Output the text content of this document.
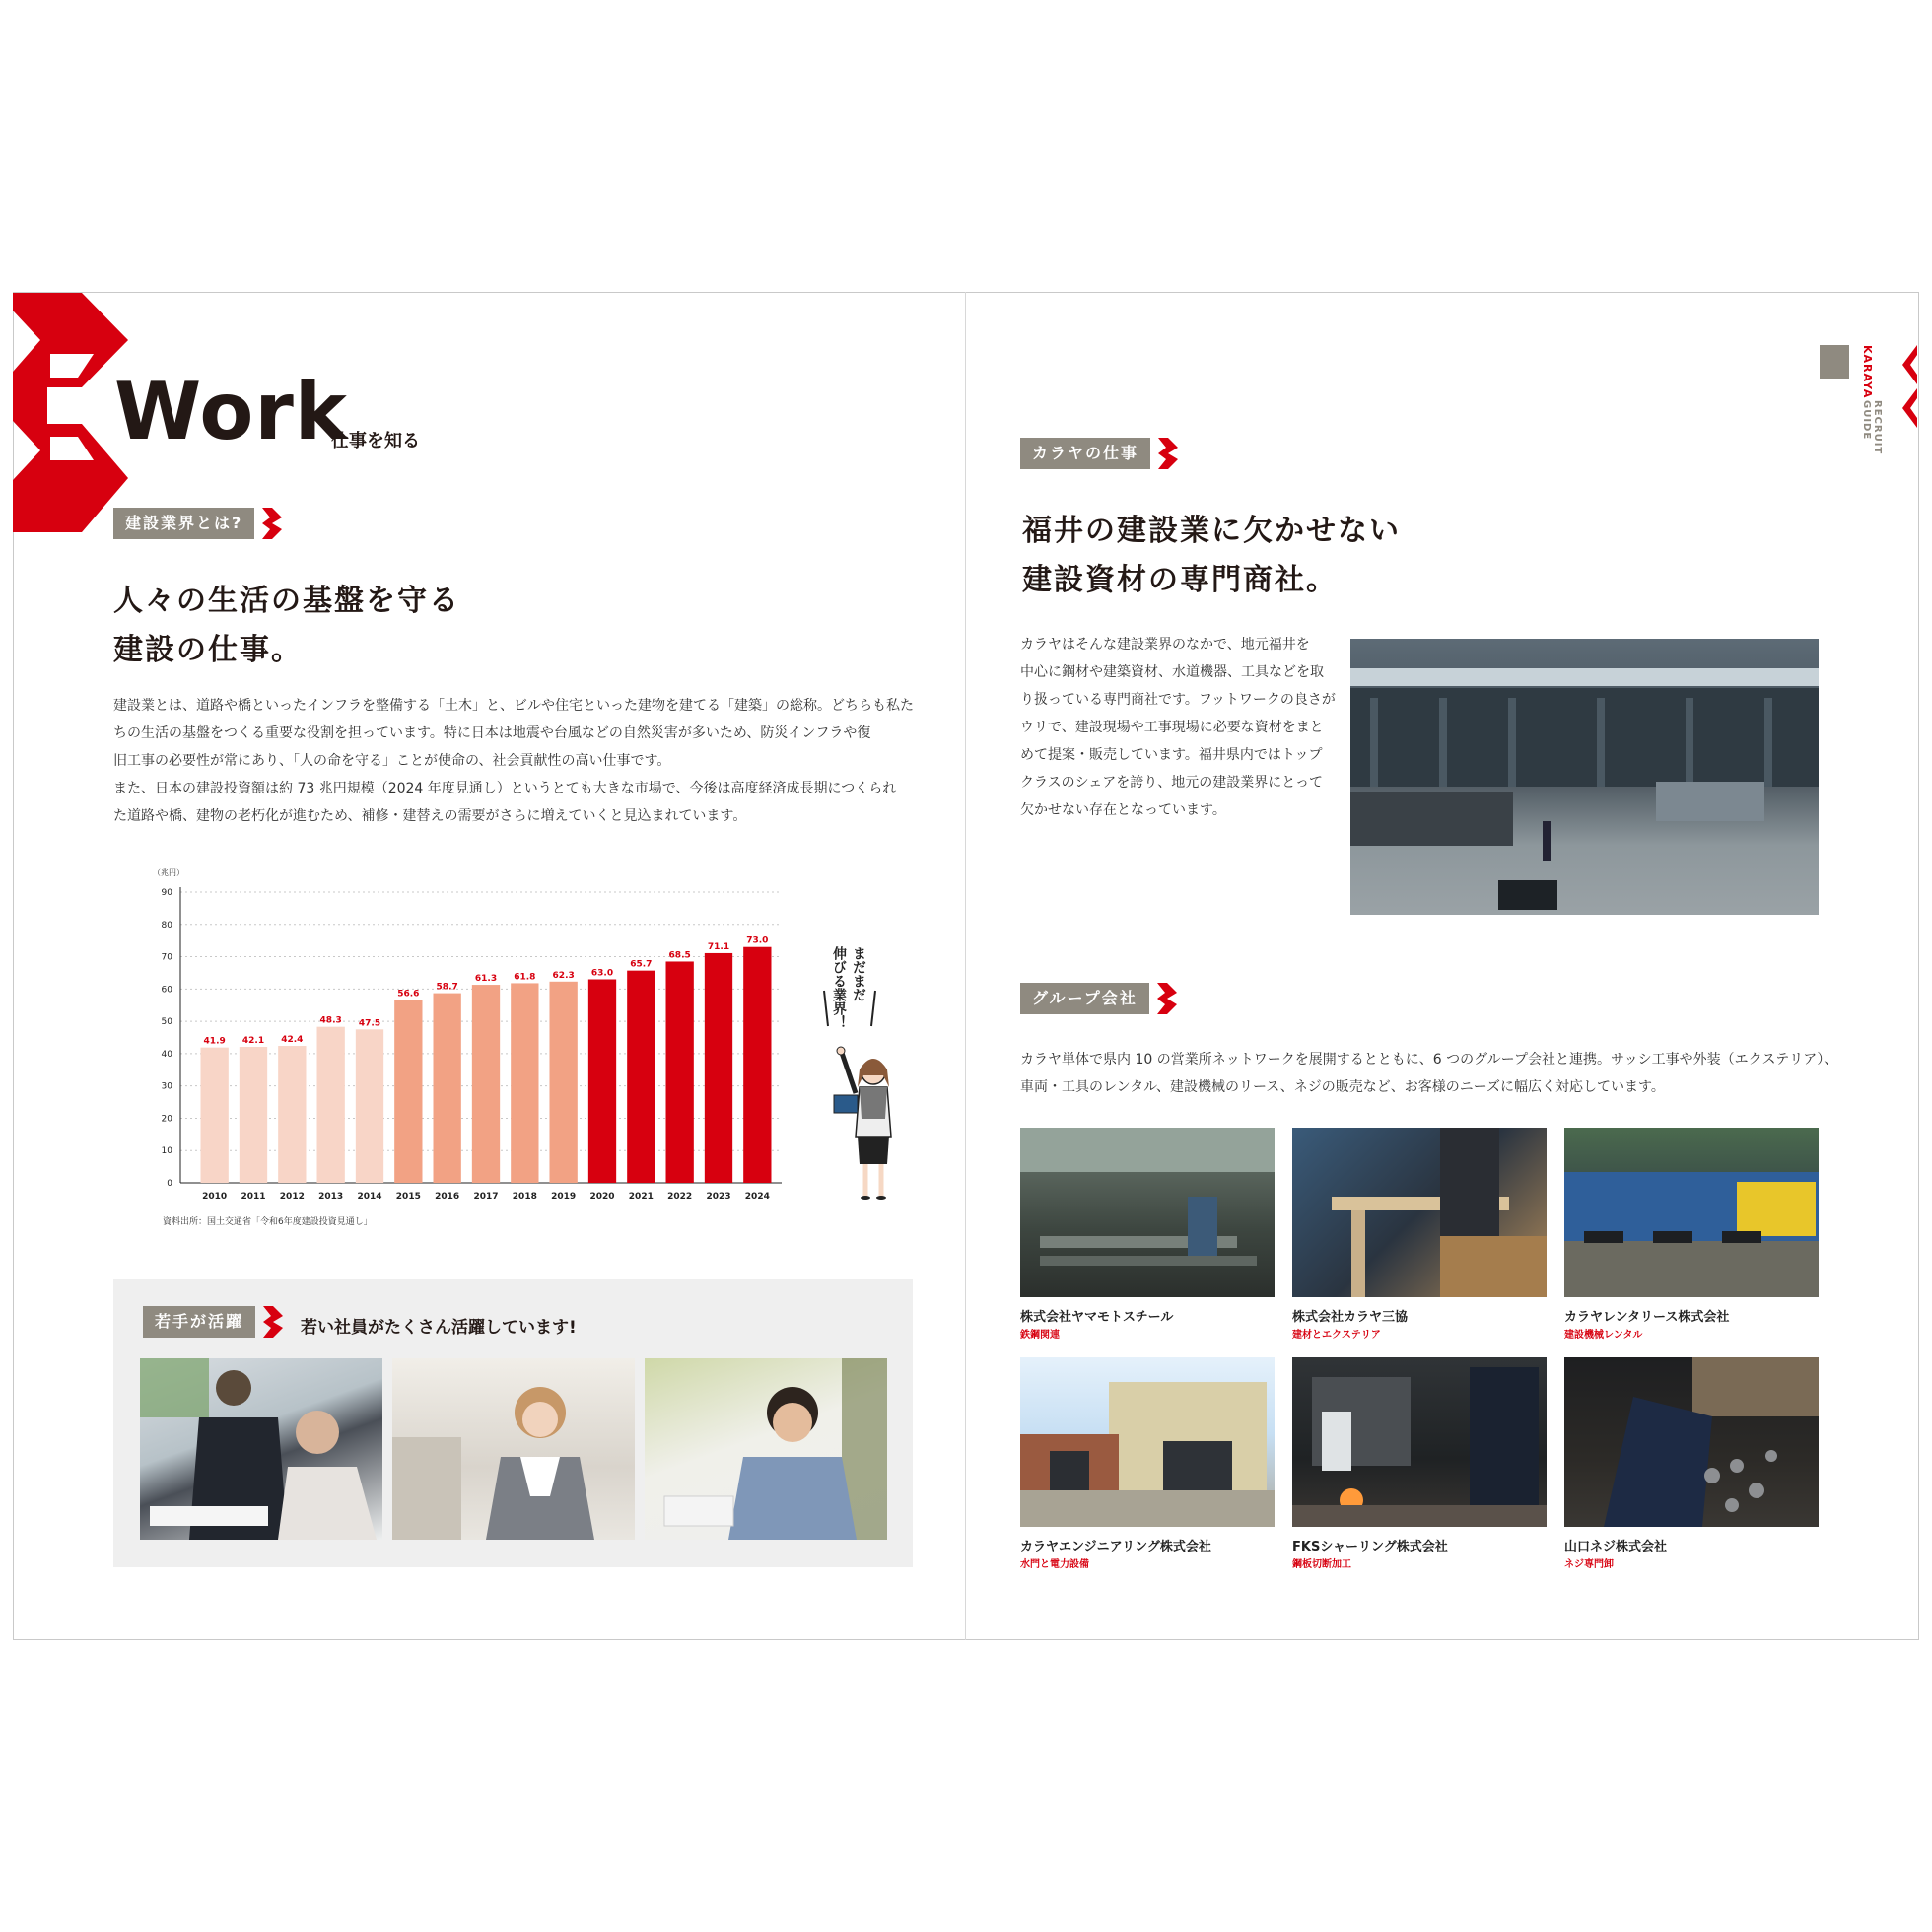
Work
仕事を知る
建設業界とは?
人々の生活の基盤を守る
建設の仕事。
建設業とは、道路や橋といったインフラを整備する「土木」と、ビルや住宅といった建物を建てる「建築」の総称。どちらも私た
ちの生活の基盤をつくる重要な役割を担っています。特に日本は地震や台風などの自然災害が多いため、防災インフラや復
旧工事の必要性が常にあり、「人の命を守る」ことが使命の、社会貢献性の高い仕事です。
また、日本の建設投資額は約 73 兆円規模（2024 年度見通し）というとても大きな市場で、今後は高度経済成長期につくられ
た道路や橋、建物の老朽化が進むため、補修・建替えの需要がさらに増えていくと見込まれています。
（兆円）
0
10
20
30
40
50
60
70
80
90
41.9
2010
42.1
2011
42.4
2012
48.3
2013
47.5
2014
56.6
2015
58.7
2016
61.3
2017
61.8
2018
62.3
2019
63.0
2020
65.7
2021
68.5
2022
71.1
2023
73.0
2024
まだまだ
伸びる業界！
資料出所：国土交通省「令和6年度建設投資見通し」
若手が活躍	若い社員がたくさん活躍しています!
KARAYA
RECRUIT GUIDE
カラヤの仕事
福井の建設業に欠かせない
建設資材の専門商社。
カラヤはそんな建設業界のなかで、地元福井を
中心に鋼材や建築資材、水道機器、工具などを取
り扱っている専門商社です。フットワークの良さが
ウリで、建設現場や工事現場に必要な資材をまと
めて提案・販売しています。福井県内ではトップ
クラスのシェアを誇り、地元の建設業界にとって
欠かせない存在となっています。
グループ会社
カラヤ単体で県内 10 の営業所ネットワークを展開するとともに、6 つのグループ会社と連携。サッシ工事や外装（エクステリア）、
車両・工具のレンタル、建設機械のリース、ネジの販売など、お客様のニーズに幅広く対応しています。
株式会社ヤマモトスチール
鉄鋼関連
株式会社カラヤ三協
建材とエクステリア
カラヤレンタリース株式会社
建設機械レンタル
カラヤエンジニアリング株式会社
水門と電力設備
FKSシャーリング株式会社
鋼板切断加工
山口ネジ株式会社
ネジ専門卸
